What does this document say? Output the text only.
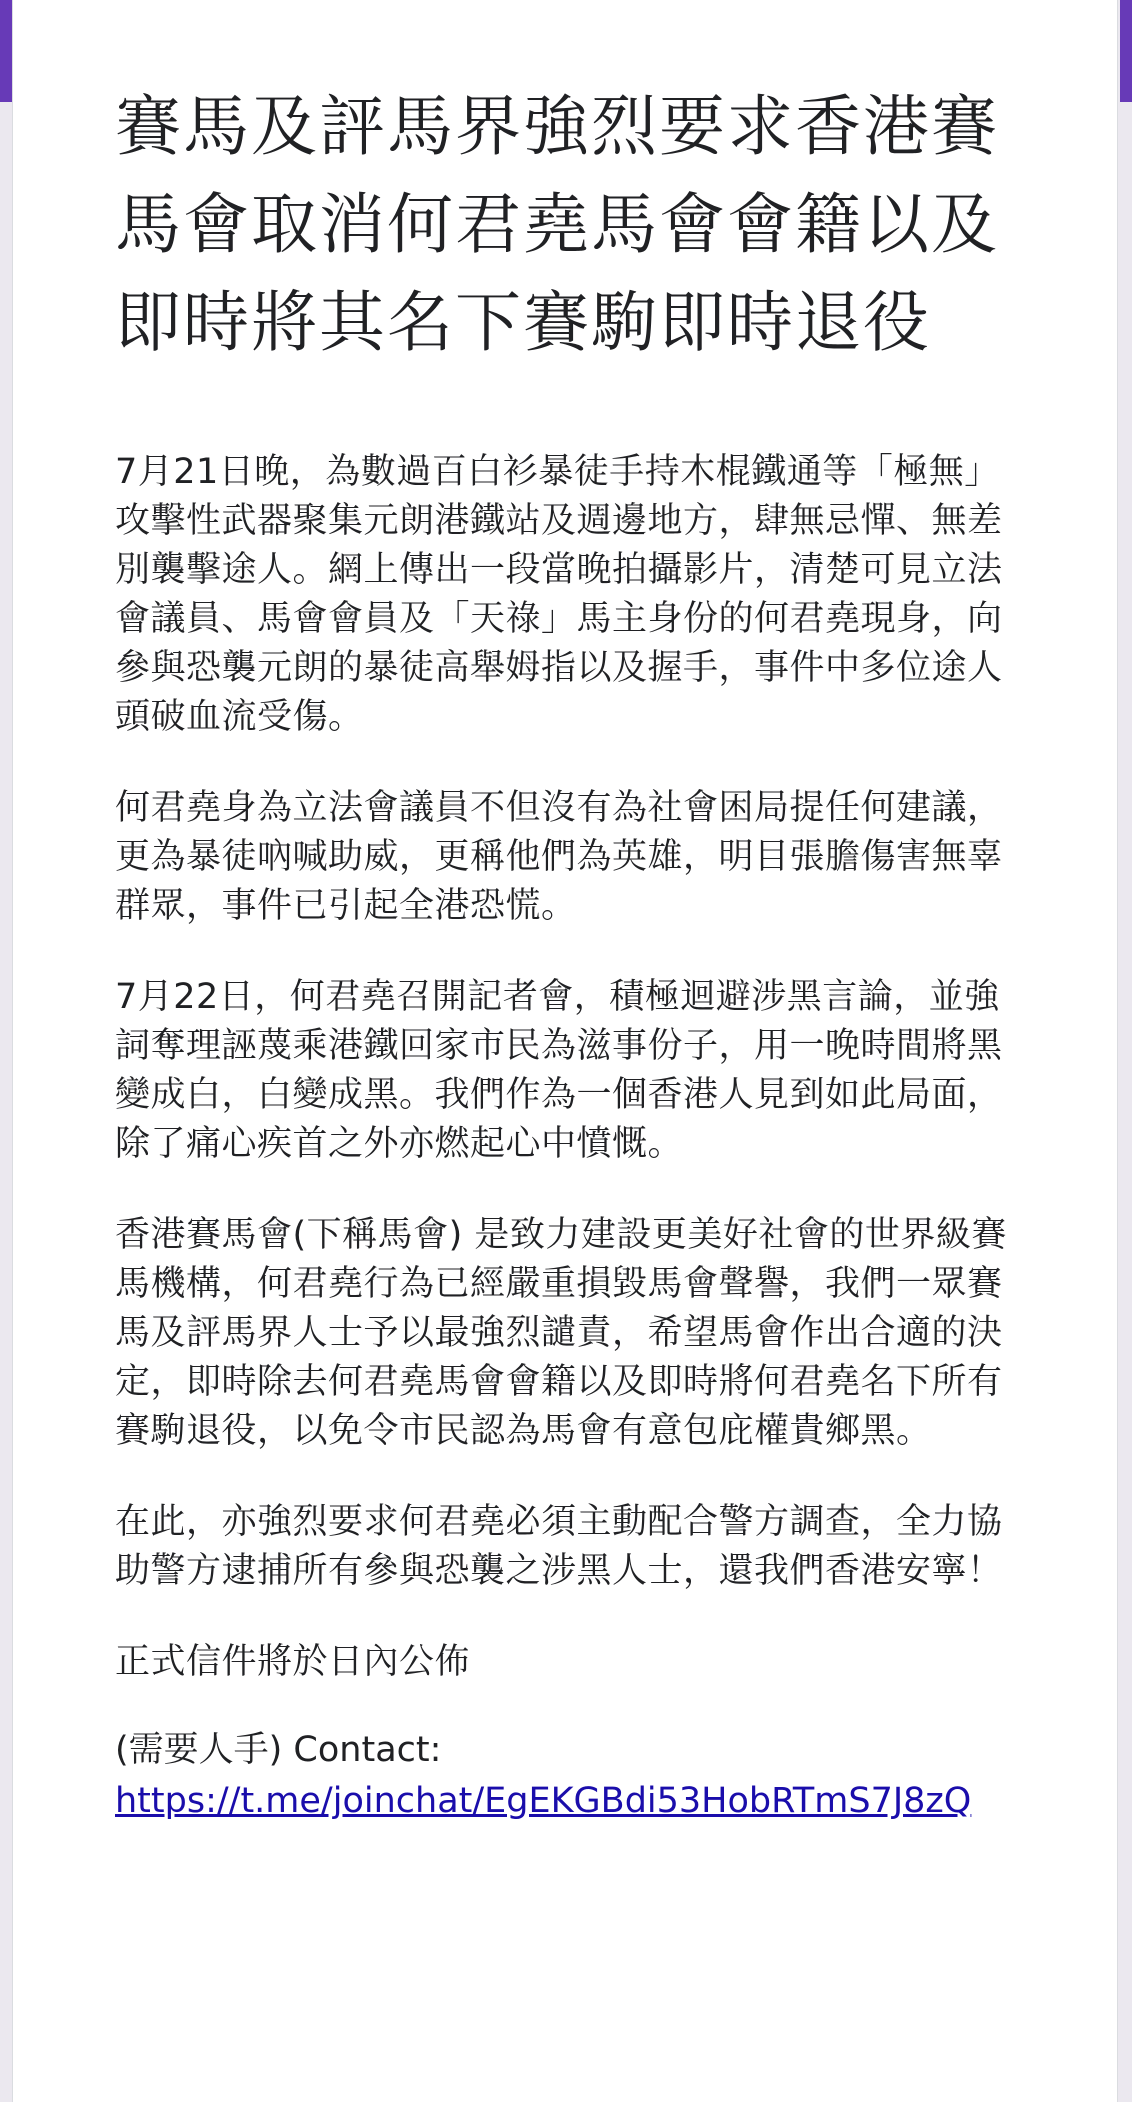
賽馬及評馬界強烈要求香港賽馬會取消何君堯馬會會籍以及即時將其名下賽駒即時退役

7月21日晚，為數過百白衫暴徒手持木棍鐵通等「極無」攻擊性武器聚集元朗港鐵站及週邊地方，肆無忌憚、無差別襲擊途人。網上傳出一段當晚拍攝影片，清楚可見立法會議員、馬會會員及「天祿」馬主身份的何君堯現身，向參與恐襲元朗的暴徒高舉姆指以及握手，事件中多位途人頭破血流受傷。

何君堯身為立法會議員不但沒有為社會困局提任何建議，更為暴徒吶喊助威，更稱他們為英雄，明目張膽傷害無辜群眾，事件已引起全港恐慌。

7月22日，何君堯召開記者會，積極迴避涉黑言論，並強詞奪理誣蔑乘港鐵回家市民為滋事份子，用一晚時間將黑變成白，白變成黑。我們作為一個香港人見到如此局面，除了痛心疾首之外亦燃起心中憤慨。

香港賽馬會(下稱馬會) 是致力建設更美好社會的世界級賽馬機構，何君堯行為已經嚴重損毀馬會聲譽，我們一眾賽馬及評馬界人士予以最強烈譴責，希望馬會作出合適的決定，即時除去何君堯馬會會籍以及即時將何君堯名下所有賽駒退役，以免令市民認為馬會有意包庇權貴鄉黑。

在此，亦強烈要求何君堯必須主動配合警方調查，全力協助警方逮捕所有參與恐襲之涉黑人士，還我們香港安寧！

正式信件將於日內公佈

(需要人手) Contact:

https://t.me/joinchat/EgEKGBdi53HobRTmS7J8zQ
